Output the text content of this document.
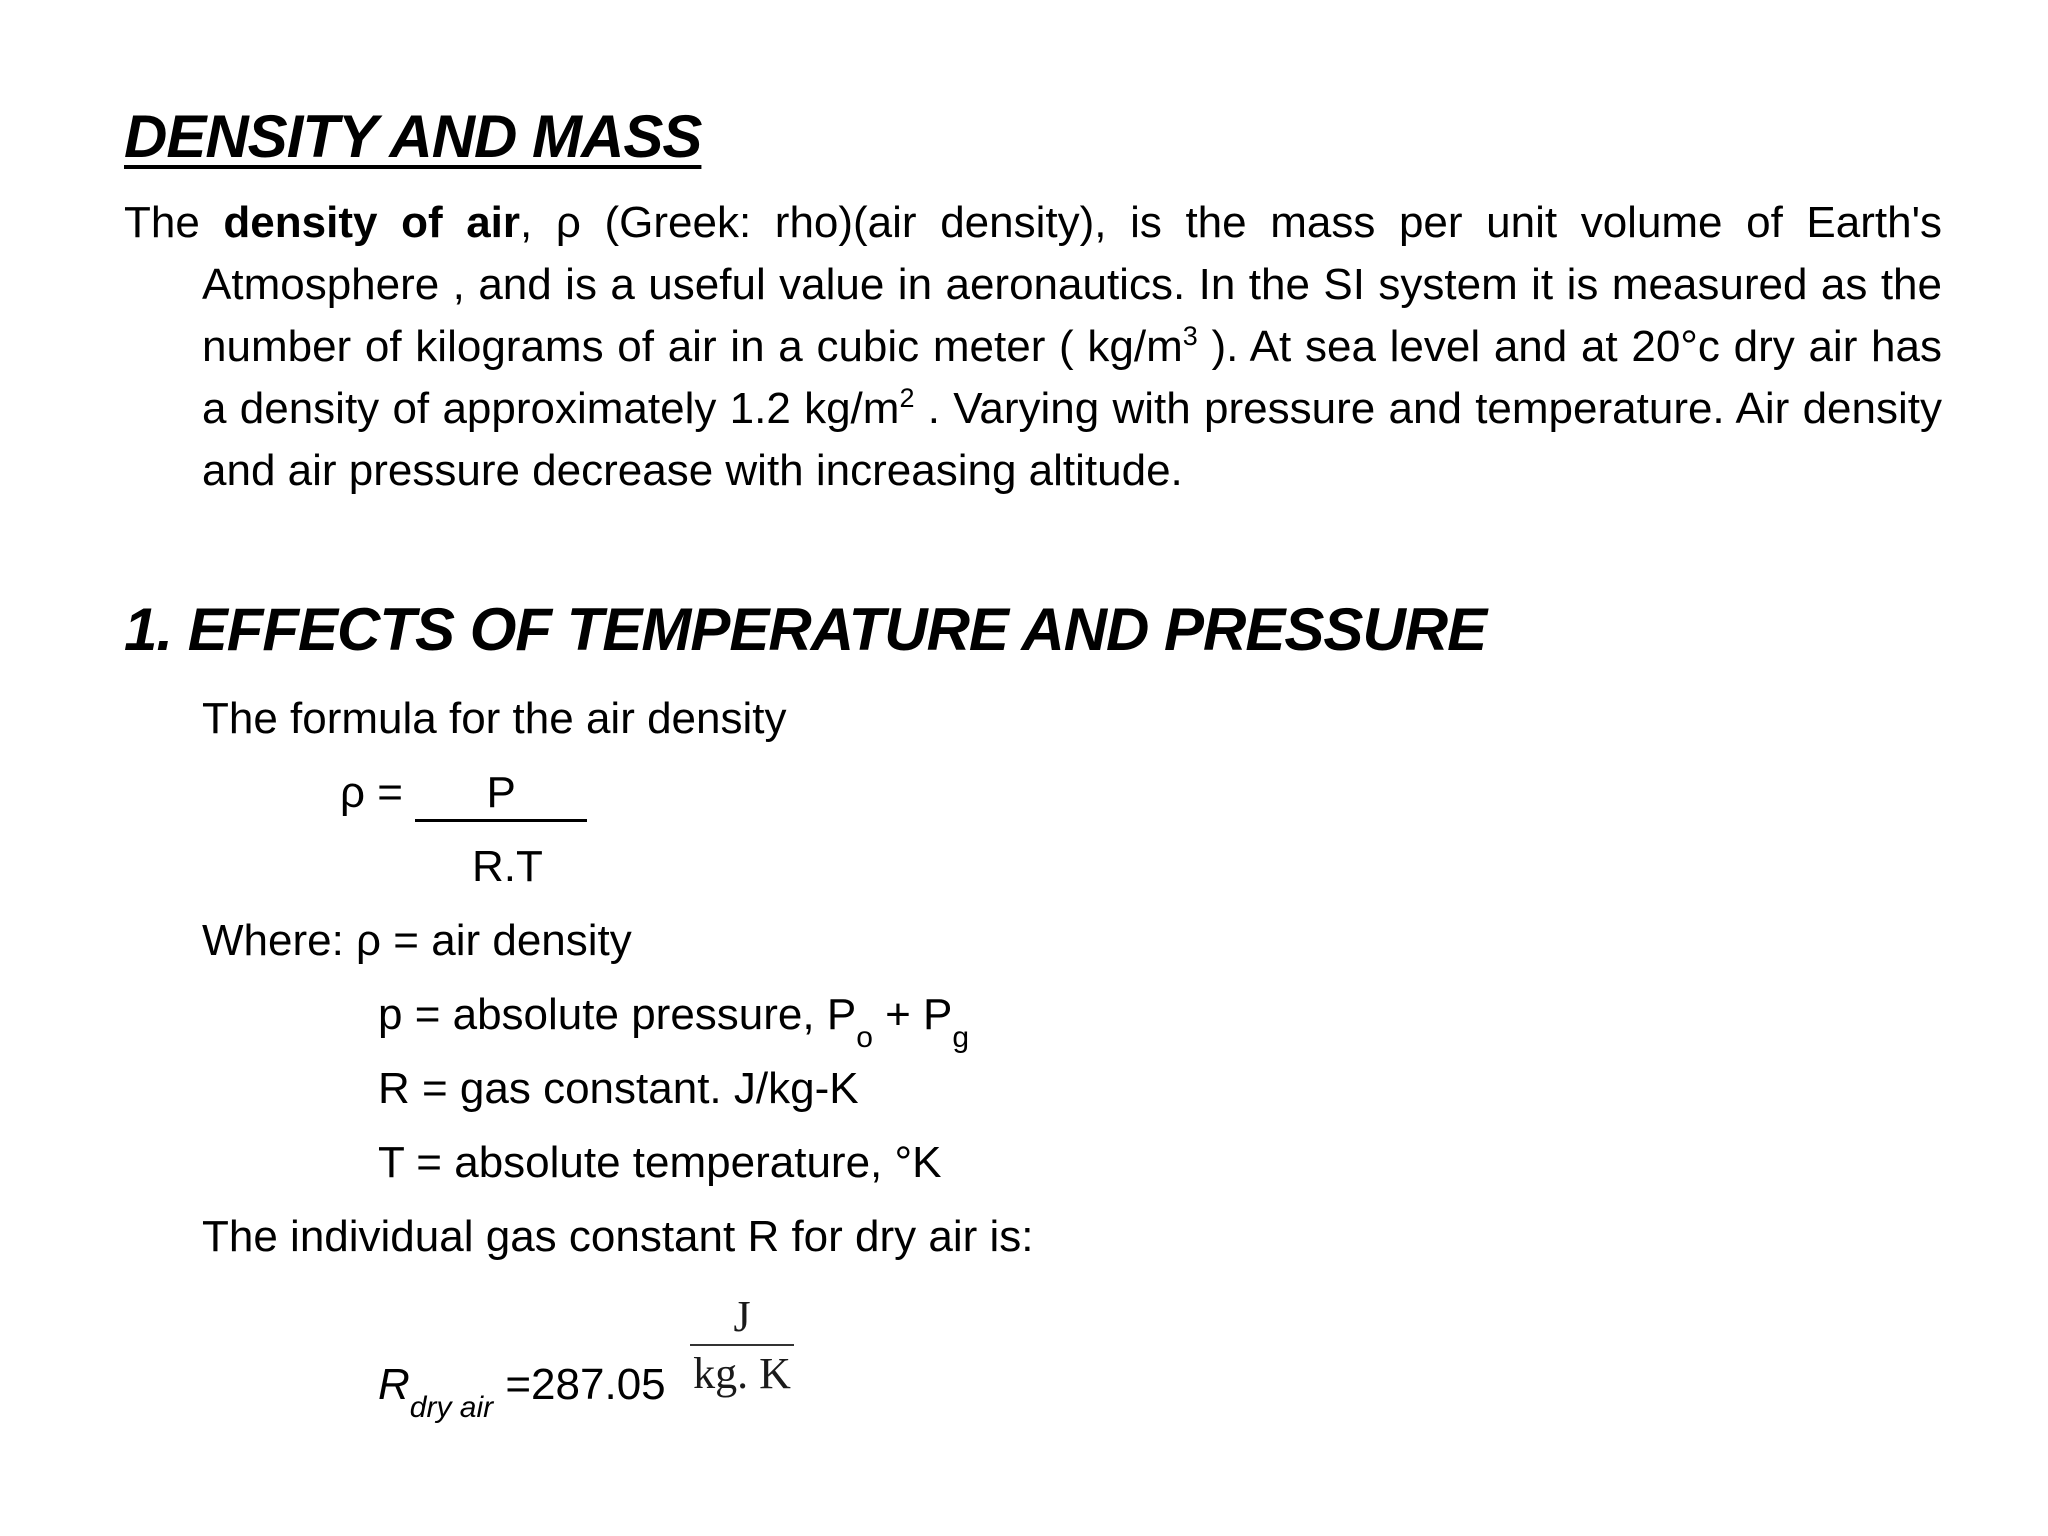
DENSITY AND MASS
The density of air, ρ (Greek: rho)(air density), is the mass per unit volume of Earth's Atmosphere , and is a useful value in aeronautics. In the SI system it is measured as the number of kilograms of air in a cubic meter ( $kg/m^3$ ). At sea level and at 20°c dry air has a density of approximately 1.2 $kg/m^2$ . Varying with pressure and temperature. Air density and air pressure decrease with increasing altitude.
1. EFFECTS OF TEMPERATURE AND PRESSURE
The formula for the air density
ρ = P
R.T
Where: ρ = air density
p = absolute pressure, $P_o + P_g$
R = gas constant. J/kg-K
T = absolute temperature, °K
The individual gas constant R for dry air is:
$R_{dry air} =287.05$
J
kg. K
